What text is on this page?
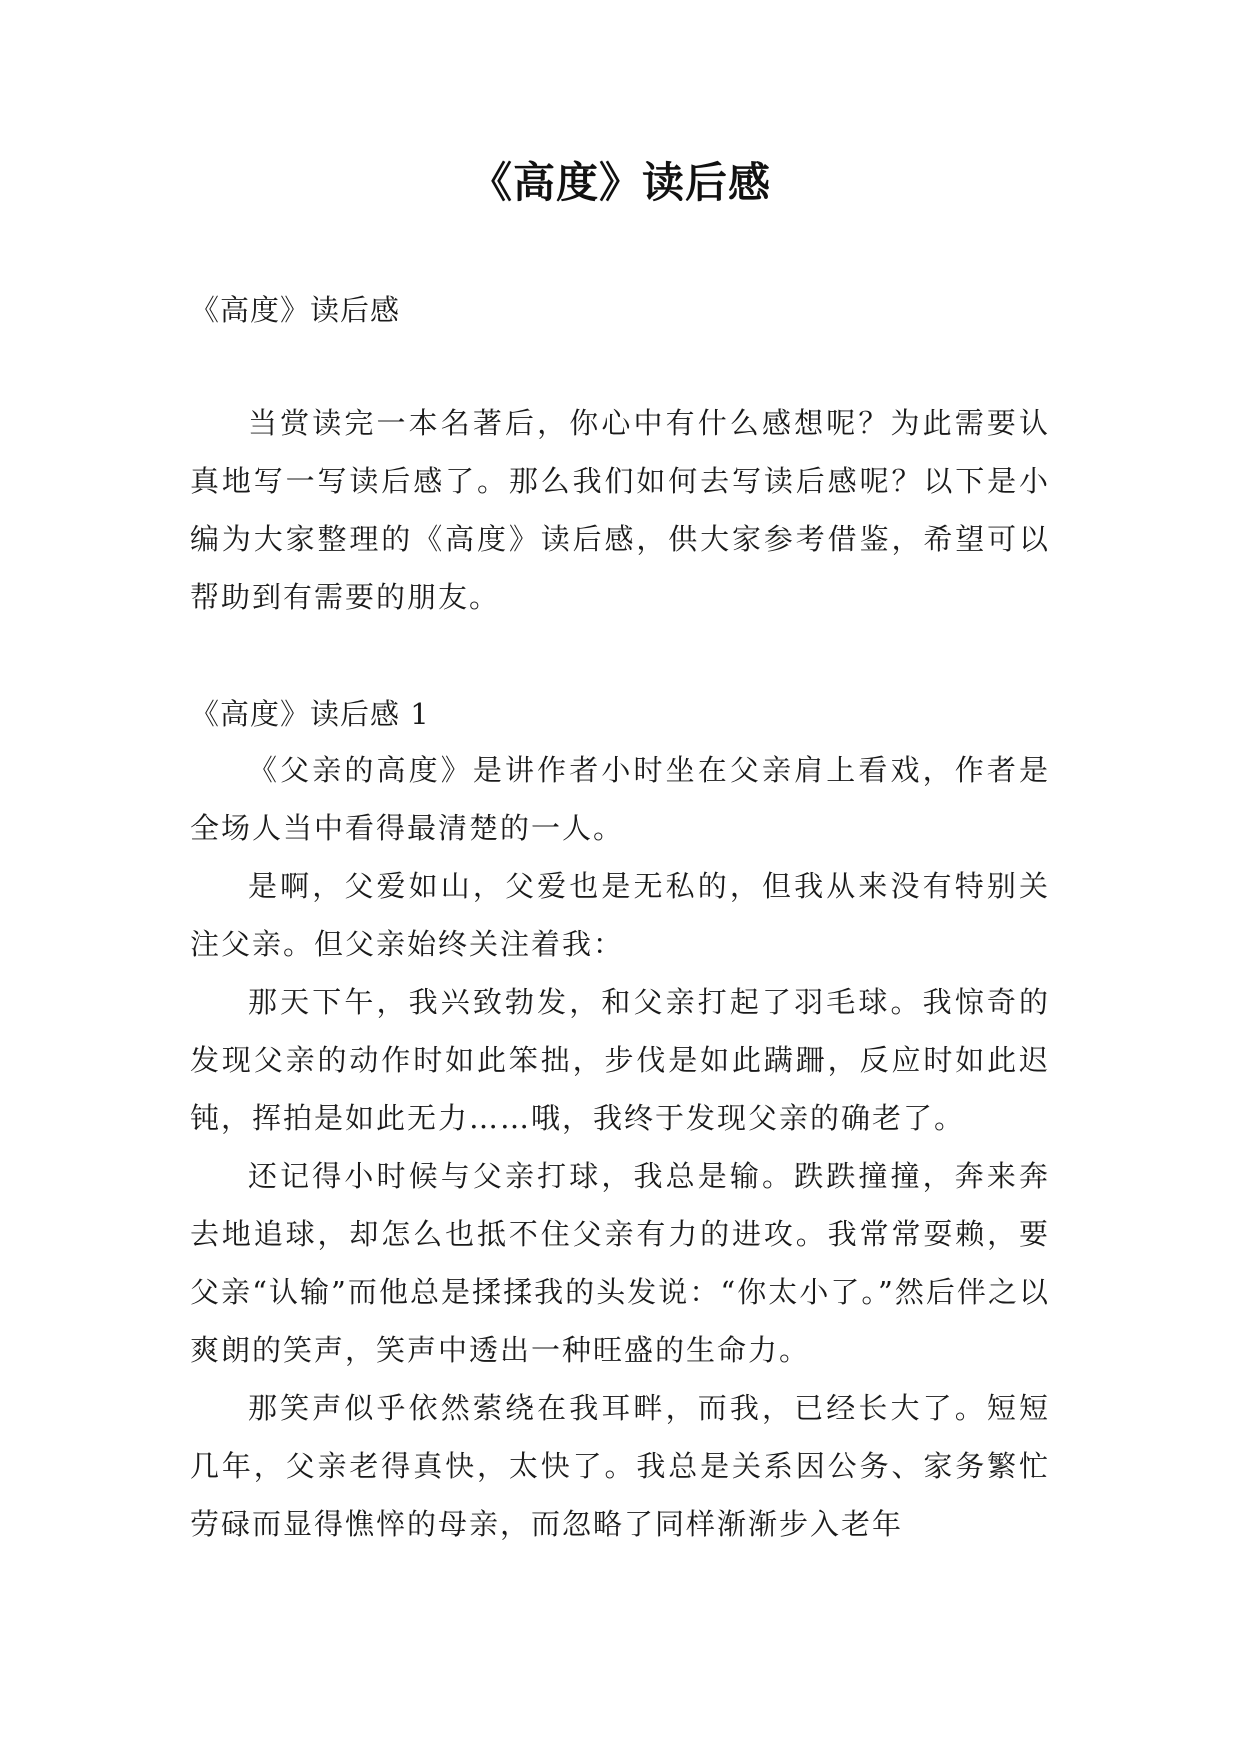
《高度》读后感

《高度》读后感

当赏读完一本名著后，你心中有什么感想呢？为此需要认真地写一写读后感了。那么我们如何去写读后感呢？以下是小编为大家整理的《高度》读后感，供大家参考借鉴，希望可以帮助到有需要的朋友。

《高度》读后感 1

《父亲的高度》是讲作者小时坐在父亲肩上看戏，作者是全场人当中看得最清楚的一人。

是啊，父爱如山，父爱也是无私的，但我从来没有特别关注父亲。但父亲始终关注着我：

那天下午，我兴致勃发，和父亲打起了羽毛球。我惊奇的发现父亲的动作时如此笨拙，步伐是如此蹒跚，反应时如此迟钝，挥拍是如此无力……哦，我终于发现父亲的确老了。

还记得小时候与父亲打球，我总是输。跌跌撞撞，奔来奔去地追球，却怎么也抵不住父亲有力的进攻。我常常耍赖，要父亲“认输”而他总是揉揉我的头发说：“你太小了。”然后伴之以爽朗的笑声，笑声中透出一种旺盛的生命力。

那笑声似乎依然萦绕在我耳畔，而我，已经长大了。短短几年，父亲老得真快，太快了。我总是关系因公务、家务繁忙劳碌而显得憔悴的母亲，而忽略了同样渐渐步入老年
